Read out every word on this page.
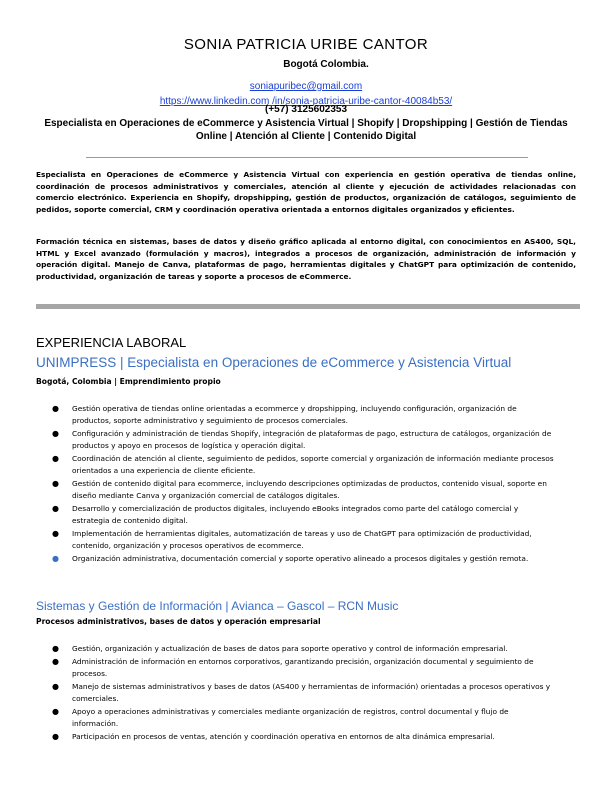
SONIA PATRICIA URIBE CANTOR
Bogotá Colombia.
soniapuribec@gmail.com
https://www.linkedin.com /in/sonia-patricia-uribe-cantor-40084b53/
(+57) 3125602353
Especialista en Operaciones de eCommerce y Asistencia Virtual | Shopify | Dropshipping | Gestión de Tiendas Online | Atención al Cliente | Contenido Digital
Especialista en Operaciones de eCommerce y Asistencia Virtual con experiencia en gestión operativa de tiendas online, coordinación de procesos administrativos y comerciales, atención al cliente y ejecución de actividades relacionadas con comercio electrónico. Experiencia en Shopify, dropshipping, gestión de productos, organización de catálogos, seguimiento de pedidos, soporte comercial, CRM y coordinación operativa orientada a entornos digitales organizados y eficientes.
Formación técnica en sistemas, bases de datos y diseño gráfico aplicada al entorno digital, con conocimientos en AS400, SQL, HTML y Excel avanzado (formulación y macros), integrados a procesos de organización, administración de información y operación digital. Manejo de Canva, plataformas de pago, herramientas digitales y ChatGPT para optimización de contenido, productividad, organización de tareas y soporte a procesos de eCommerce.
EXPERIENCIA LABORAL
UNIMPRESS | Especialista en Operaciones de eCommerce y Asistencia Virtual
Bogotá, Colombia | Emprendimiento propio
● Gestión operativa de tiendas online orientadas a ecommerce y dropshipping, incluyendo configuración, organización de productos, soporte administrativo y seguimiento de procesos comerciales.
● Configuración y administración de tiendas Shopify, integración de plataformas de pago, estructura de catálogos, organización de productos y apoyo en procesos de logística y operación digital.
● Coordinación de atención al cliente, seguimiento de pedidos, soporte comercial y organización de información mediante procesos orientados a una experiencia de cliente eficiente.
● Gestión de contenido digital para ecommerce, incluyendo descripciones optimizadas de productos, contenido visual, soporte en diseño mediante Canva y organización comercial de catálogos digitales.
● Desarrollo y comercialización de productos digitales, incluyendo eBooks integrados como parte del catálogo comercial y estrategia de contenido digital.
● Implementación de herramientas digitales, automatización de tareas y uso de ChatGPT para optimización de productividad, contenido, organización y procesos operativos de ecommerce.
● Organización administrativa, documentación comercial y soporte operativo alineado a procesos digitales y gestión remota.
Sistemas y Gestión de Información | Avianca – Gascol – RCN Music
Procesos administrativos, bases de datos y operación empresarial
● Gestión, organización y actualización de bases de datos para soporte operativo y control de información empresarial.
● Administración de información en entornos corporativos, garantizando precisión, organización documental y seguimiento de procesos.
● Manejo de sistemas administrativos y bases de datos (AS400 y herramientas de información) orientadas a procesos operativos y comerciales.
● Apoyo a operaciones administrativas y comerciales mediante organización de registros, control documental y flujo de información.
● Participación en procesos de ventas, atención y coordinación operativa en entornos de alta dinámica empresarial.
